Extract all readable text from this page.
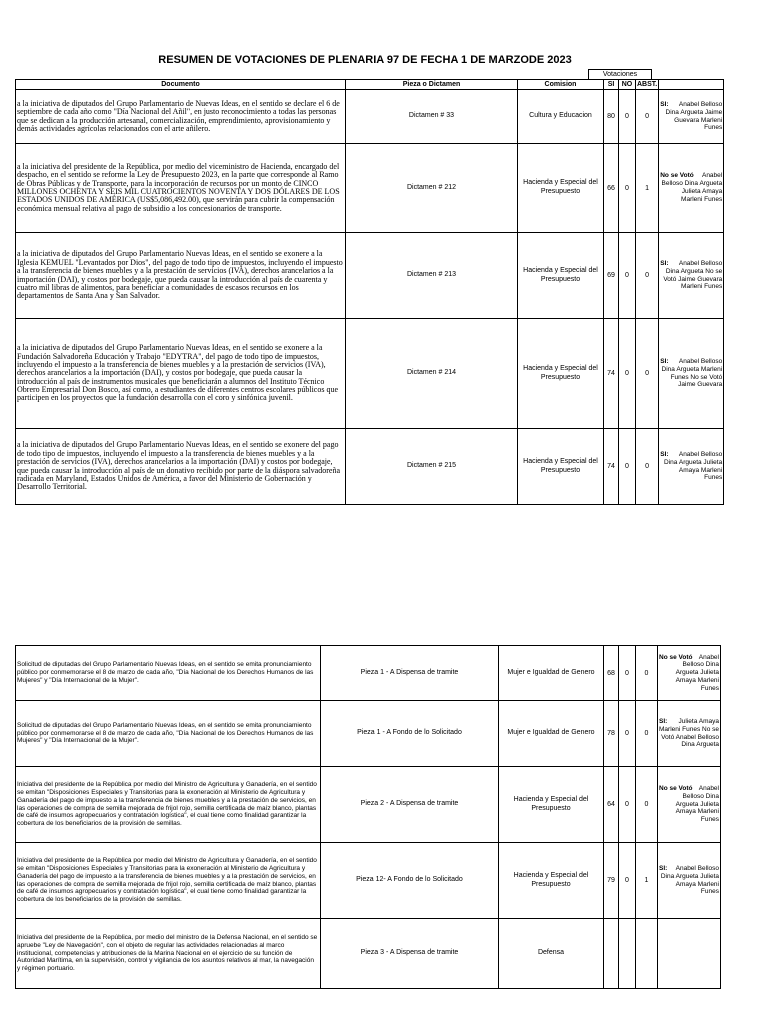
RESUMEN DE VOTACIONES DE PLENARIA 97 DE FECHA 1 DE MARZODE 2023
Votaciones
Documento	Pieza o Dictamen	Comision	SI	NO	ABST.	
a la iniciativa de diputados del Grupo Parlamentario de Nuevas Ideas, en el sentido se declare el 6 de septiembre de cada año como "Día Nacional del Añil", en justo reconocimiento a todas las personas que se dedican a la producción artesanal, comercialización, emprendimiento, aprovisionamiento y demás actividades agrícolas relacionados con el arte añilero.	Dictamen # 33	Cultura y Educacion	80	0	0	SI: Anabel Belloso Dina Argueta Jaime Guevara Marleni Funes
a la iniciativa del presidente de la República, por medio del viceministro de Hacienda, encargado del despacho, en el sentido se reforme la Ley de Presupuesto 2023, en la parte que corresponde al Ramo de Obras Públicas y de Transporte, para la incorporación de recursos por un monto de CINCO MILLONES OCHENTA Y SEIS MIL CUATROCIENTOS NOVENTA Y DOS DÓLARES DE LOS ESTADOS UNIDOS DE AMÉRICA (US$5,086,492.00), que servirán para cubrir la compensación económica mensual relativa al pago de subsidio a los concesionarios de transporte.	Dictamen # 212	Hacienda y Especial del Presupuesto	66	0	1	No se Votó Anabel Belloso Dina Argueta Julieta Amaya Marleni Funes
a la iniciativa de diputados del Grupo Parlamentario Nuevas Ideas, en el sentido se exonere a la Iglesia KEMUEL "Levantados por Dios", del pago de todo tipo de impuestos, incluyendo el impuesto a la transferencia de bienes muebles y a la prestación de servicios (IVA), derechos arancelarios a la importación (DAI), y costos por bodegaje, que pueda causar la introducción al país de cuarenta y cuatro mil libras de alimentos, para beneficiar a comunidades de escasos recursos en los departamentos de Santa Ana y San Salvador.	Dictamen # 213	Hacienda y Especial del Presupuesto	69	0	0	SI: Anabel Belloso Dina Argueta No se Votó Jaime Guevara Marleni Funes
a la iniciativa de diputados del Grupo Parlamentario Nuevas Ideas, en el sentido se exonere a la Fundación Salvadoreña Educación y Trabajo "EDYTRA", del pago de todo tipo de impuestos, incluyendo el impuesto a la transferencia de bienes muebles y a la prestación de servicios (IVA), derechos arancelarios a la importación (DAI), y costos por bodegaje, que pueda causar la introducción al país de instrumentos musicales que beneficiarán a alumnos del Instituto Técnico Obrero Empresarial Don Bosco, así como, a estudiantes de diferentes centros escolares públicos que participen en los proyectos que la fundación desarrolla con el coro y sinfónica juvenil.	Dictamen # 214	Hacienda y Especial del Presupuesto	74	0	0	SI: Anabel Belloso Dina Argueta Marleni Funes No se Votó Jaime Guevara
a la iniciativa de diputados del Grupo Parlamentario Nuevas Ideas, en el sentido se exonere del pago de todo tipo de impuestos, incluyendo el impuesto a la transferencia de bienes muebles y a la prestación de servicios (IVA), derechos arancelarios a la importación (DAI) y costos por bodegaje, que pueda causar la introducción al país de un donativo recibido por parte de la diáspora salvadoreña radicada en Maryland, Estados Unidos de América, a favor del Ministerio de Gobernación y Desarrollo Territorial.	Dictamen # 215	Hacienda y Especial del Presupuesto	74	0	0	SI: Anabel Belloso Dina Argueta Julieta Amaya Marleni Funes
Solicitud de diputadas del Grupo Parlamentario Nuevas Ideas, en el sentido se emita pronunciamiento público por conmemorarse el 8 de marzo de cada año, "Día Nacional de los Derechos Humanos de las Mujeres" y "Día Internacional de la Mujer".	Pieza 1 - A Dispensa de tramite	Mujer e Igualdad de Genero	68	0	0	No se Votó Anabel Belloso Dina Argueta Julieta Amaya Marleni Funes
Solicitud de diputadas del Grupo Parlamentario Nuevas Ideas, en el sentido se emita pronunciamiento público por conmemorarse el 8 de marzo de cada año, "Día Nacional de los Derechos Humanos de las Mujeres" y "Día Internacional de la Mujer".	Pieza 1 - A Fondo de lo Solicitado	Mujer e Igualdad de Genero	78	0	0	SI: Julieta Amaya Marleni Funes No se Votó Anabel Belloso Dina Argueta
Iniciativa del presidente de la República por medio del Ministro de Agricultura y Ganadería, en el sentido se emitan "Disposiciones Especiales y Transitorias para la exoneración al Ministerio de Agricultura y Ganadería del pago de impuesto a la transferencia de bienes muebles y a la prestación de servicios, en las operaciones de compra de semilla mejorada de frijol rojo, semilla certificada de maíz blanco, plantas de café de insumos agropecuarios y contratación logística", el cual tiene como finalidad garantizar la cobertura de los beneficiarios de la provisión de semillas.	Pieza 2 - A Dispensa de tramite	Hacienda y Especial del Presupuesto	64	0	0	No se Votó Anabel Belloso Dina Argueta Julieta Amaya Marleni Funes
Iniciativa del presidente de la República por medio del Ministro de Agricultura y Ganadería, en el sentido se emitan "Disposiciones Especiales y Transitorias para la exoneración al Ministerio de Agricultura y Ganadería del pago de impuesto a la transferencia de bienes muebles y a la prestación de servicios, en las operaciones de compra de semilla mejorada de frijol rojo, semilla certificada de maíz blanco, plantas de café de insumos agropecuarios y contratación logística", el cual tiene como finalidad garantizar la cobertura de los beneficiarios de la provisión de semillas.	Pieza 12- A Fondo de lo Solicitado	Hacienda y Especial del Presupuesto	79	0	1	SI: Anabel Belloso Dina Argueta Julieta Amaya Marleni Funes
Iniciativa del presidente de la República, por medio del ministro de la Defensa Nacional, en el sentido se apruebe "Ley de Navegación", con el objeto de regular las actividades relacionadas al marco institucional, competencias y atribuciones de la Marina Nacional en el ejercicio de su función de Autoridad Marítima, en la supervisión, control y vigilancia de los asuntos relativos al mar, la navegación y régimen portuario.	Pieza 3 - A Dispensa de tramite	Defensa				
